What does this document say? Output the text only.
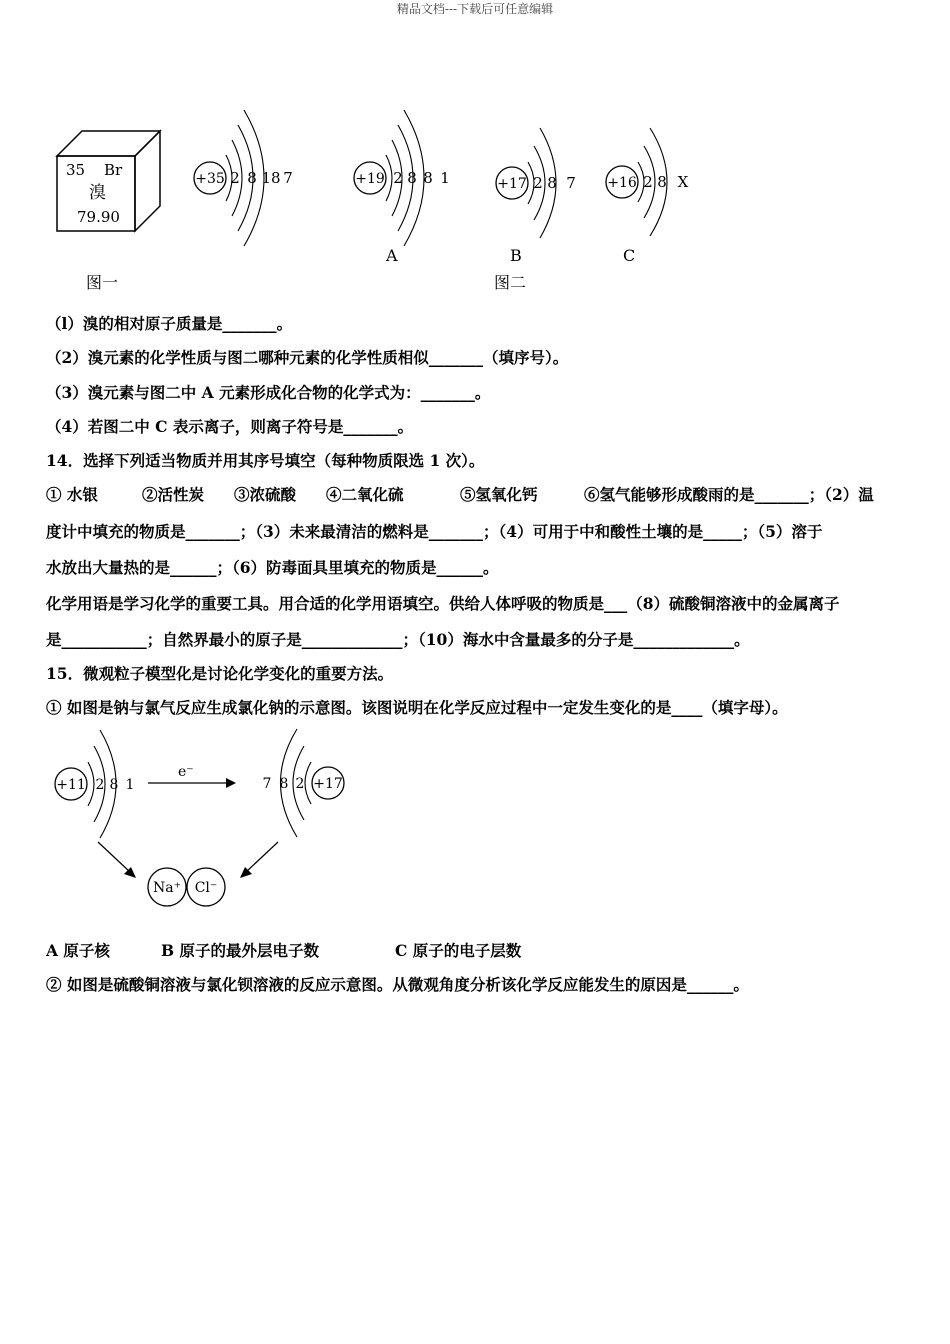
精品文档---下载后可任意编辑
35 Br
溴
79.90
+35 2 8 18 7	+19 2 8 8 1
A
+17 2 8 7
B
+16 2 8 X
C
图一	图二
（l）溴的相对原子质量是_______。
（2）溴元素的化学性质与图二哪种元素的化学性质相似_______（填序号）。
（3）溴元素与图二中 A 元素形成化合物的化学式为：_______。
（4）若图二中 C 表示离子，则离子符号是_______。
14．选择下列适当物质并用其序号填空（每种物质限选 1 次）。
① 水银	②活性炭 ③浓硫酸 ④二氧化硫	⑤氢氧化钙	⑥氢气能够形成酸雨的是_______；（2）温
度计中填充的物质是_______；（3）未来最清洁的燃料是_______；（4）可用于中和酸性土壤的是_____；（5）溶于
水放出大量热的是______；（6）防毒面具里填充的物质是______。
化学用语是学习化学的重要工具。用合适的化学用语填空。供给人体呼吸的物质是___（8）硫酸铜溶液中的金属离子
是___________；自然界最小的原子是_____________；（10）海水中含量最多的分子是_____________。
15．微观粒子模型化是讨论化学变化的重要方法。
① 如图是钠与氯气反应生成氯化钠的示意图。该图说明在化学反应过程中一定发生变化的是____（填字母）。
+11 2 8 1
e⁻
+17
7 8 2
Na⁺ Cl⁻
A 原子核	B 原子的最外层电子数	C 原子的电子层数
② 如图是硫酸铜溶液与氯化钡溶液的反应示意图。从微观角度分析该化学反应能发生的原因是______。
